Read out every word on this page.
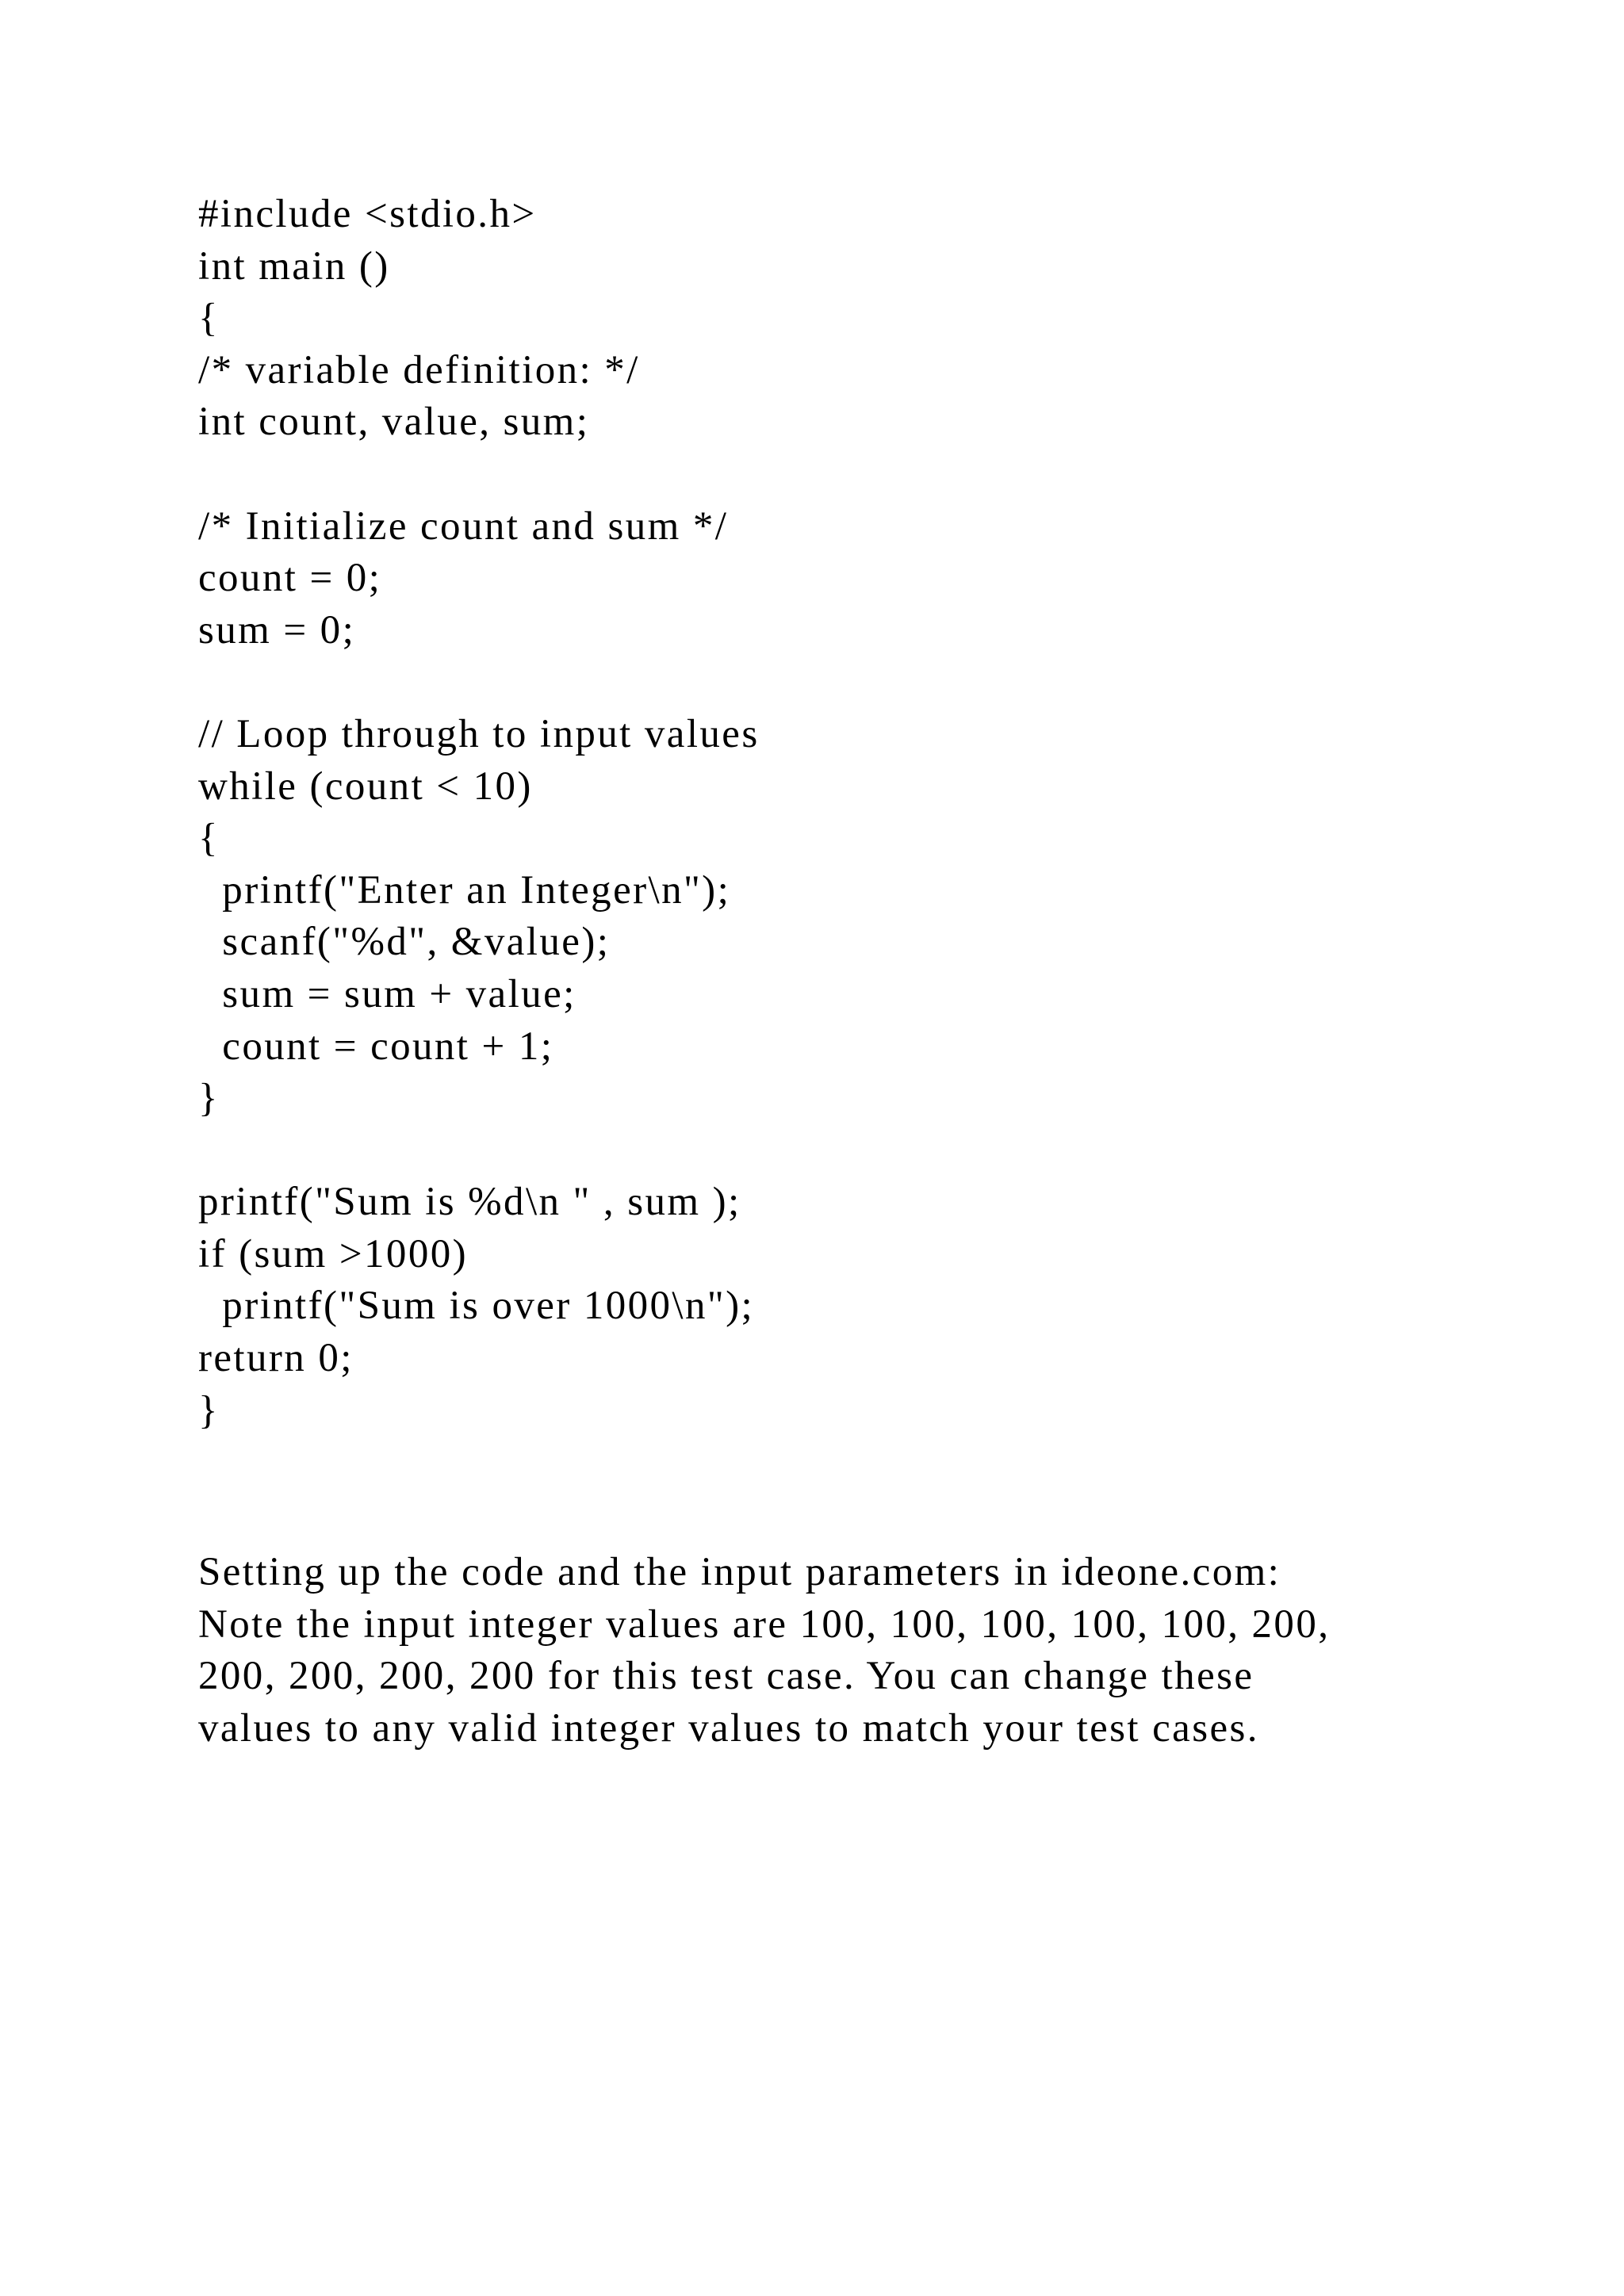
#include <stdio.h>
int main ()
{
/* variable definition: */
int count, value, sum;
/* Initialize count and sum */
count = 0;
sum = 0;
// Loop through to input values
while (count < 10)
{
printf("Enter an Integer\n");
scanf("%d", &value);
sum = sum + value;
count = count + 1;
}
printf("Sum is %d\n " , sum );
if (sum >1000)
printf("Sum is over 1000\n");
return 0;
}
Setting up the code and the input parameters in ideone.com:
Note the input integer values are 100, 100, 100, 100, 100, 200,
200, 200, 200, 200 for this test case. You can change these
values to any valid integer values to match your test cases.
